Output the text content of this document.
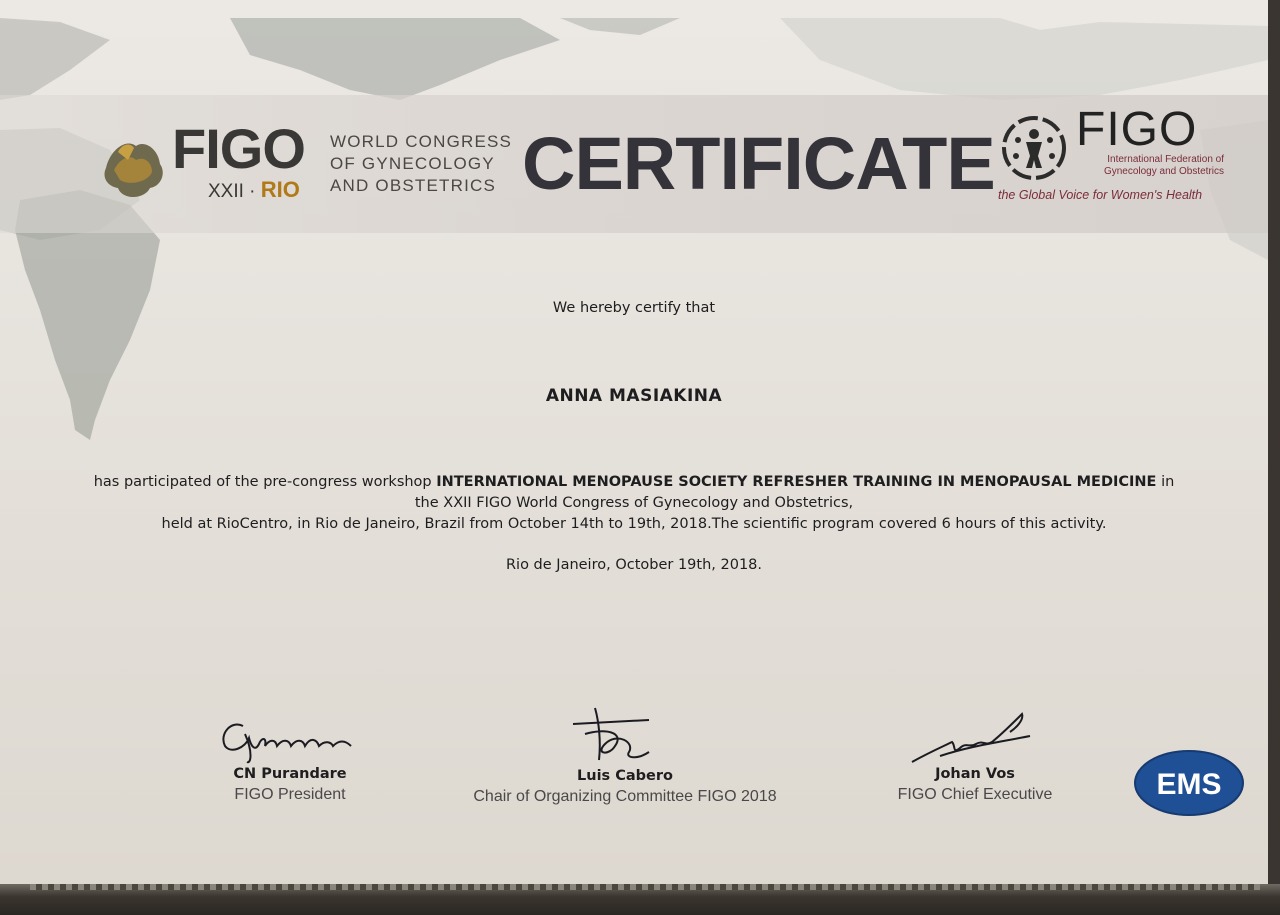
FIGO
XXII · RIO
WORLD CONGRESS
OF GYNECOLOGY
AND OBSTETRICS CERTIFICATE FIGO
International Federation of
Gynecology and Obstetrics
the Global Voice for Women's Health
We hereby certify that
ANNA MASIAKINA
has participated of the pre-congress workshop INTERNATIONAL MENOPAUSE SOCIETY REFRESHER TRAINING IN MENOPAUSAL MEDICINE in
the XXII FIGO World Congress of Gynecology and Obstetrics,
held at RioCentro, in Rio de Janeiro, Brazil from October 14th to 19th, 2018.The scientific program covered 6 hours of this activity.
Rio de Janeiro, October 19th, 2018.
CN Purandare
FIGO President
Luis Cabero
Chair of Organizing Committee FIGO 2018
Johan Vos
FIGO Chief Executive	EMS
